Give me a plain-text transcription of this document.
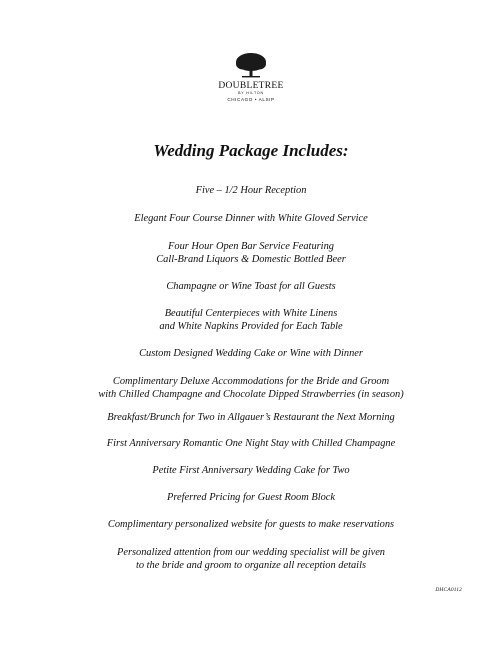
DOUBLETREE
BY HILTON
CHICAGO • ALSIP
Wedding Package Includes:
Five – 1/2 Hour Reception
Elegant Four Course Dinner with White Gloved Service
Four Hour Open Bar Service Featuring
Call-Brand Liquors & Domestic Bottled Beer
Champagne or Wine Toast for all Guests
Beautiful Centerpieces with White Linens
and White Napkins Provided for Each Table
Custom Designed Wedding Cake or Wine with Dinner
Complimentary Deluxe Accommodations for the Bride and Groom
with Chilled Champagne and Chocolate Dipped Strawberries (in season)
Breakfast/Brunch for Two in Allgauer’s Restaurant the Next Morning
First Anniversary Romantic One Night Stay with Chilled Champagne
Petite First Anniversary Wedding Cake for Two
Preferred Pricing for Guest Room Block
Complimentary personalized website for guests to make reservations
Personalized attention from our wedding specialist will be given
to the bride and groom to organize all reception details
DHCA0112
